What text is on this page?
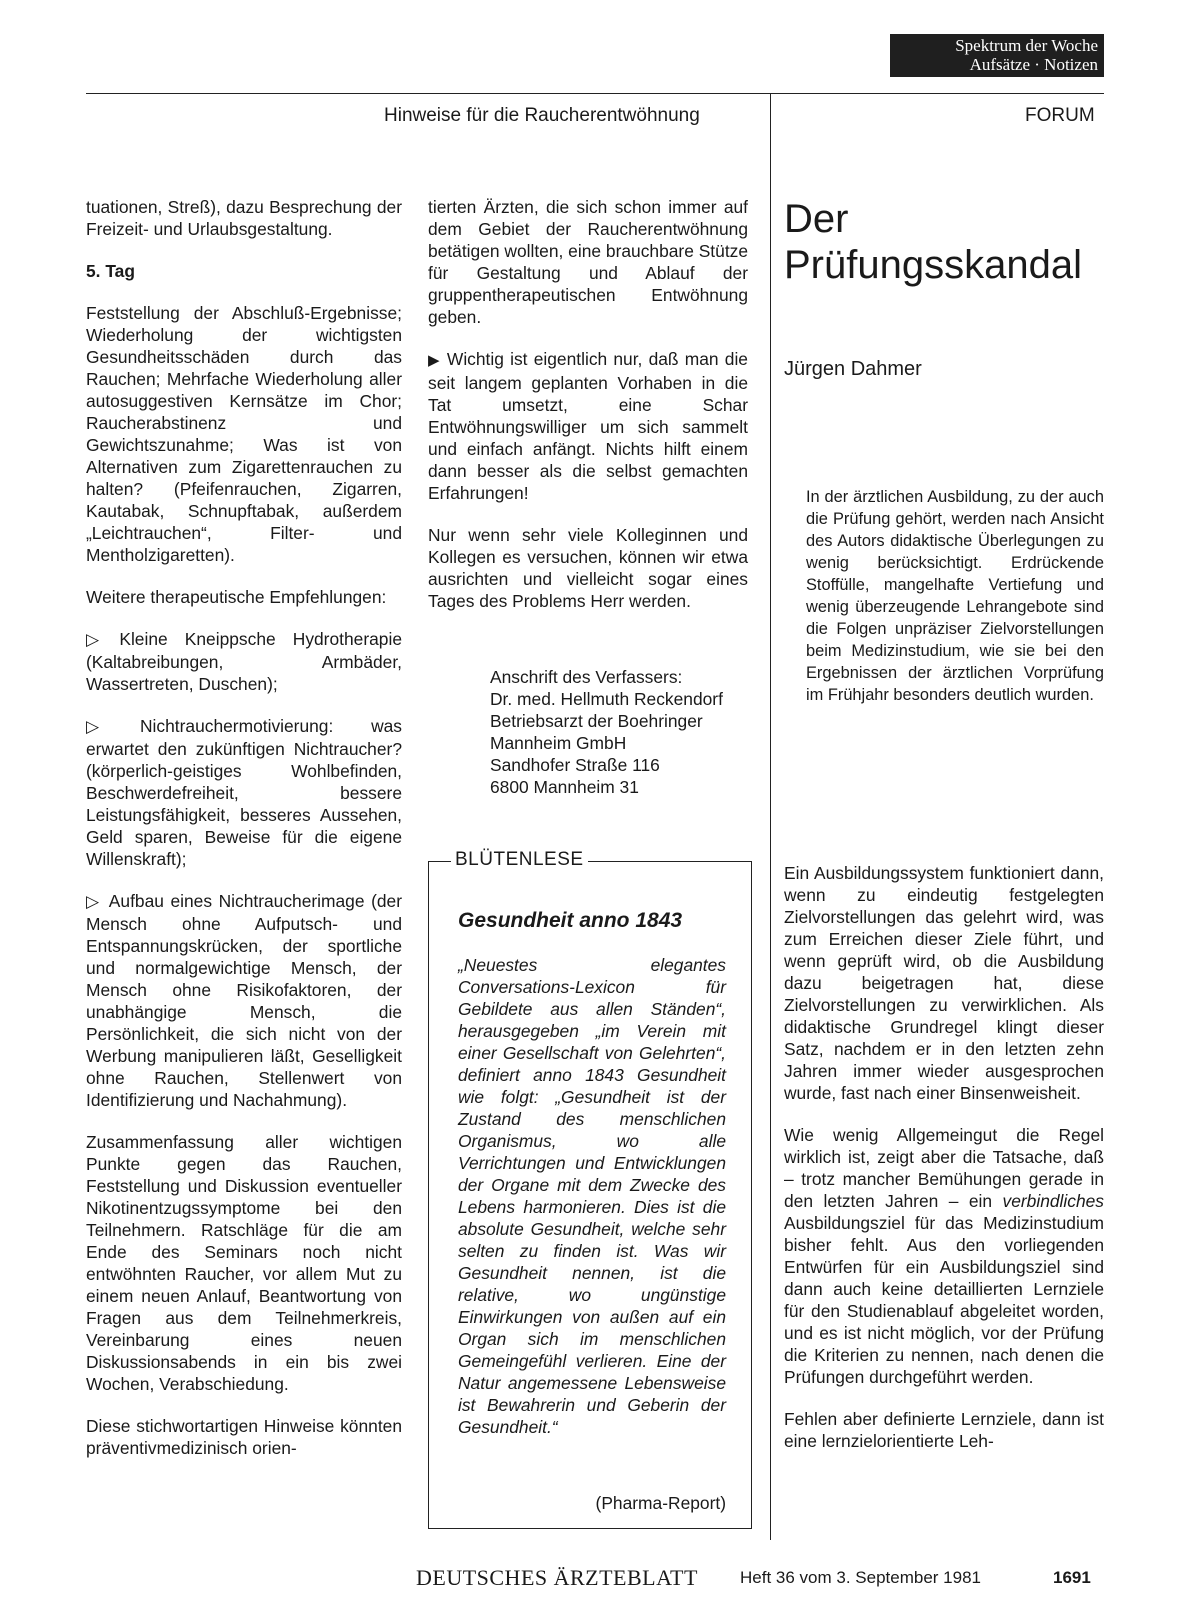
Spektrum der Woche
Aufsätze · Notizen
Hinweise für die Raucherentwöhnung	FORUM

tuationen, Streß), dazu Besprechung der Freizeit- und Urlaubsgestaltung.

5. Tag

Feststellung der Abschluß-Ergebnisse; Wiederholung der wichtigsten Gesundheitsschäden durch das Rauchen; Mehrfache Wiederholung aller autosuggestiven Kernsätze im Chor; Raucherabstinenz und Gewichtszunahme; Was ist von Alternativen zum Zigarettenrauchen zu halten? (Pfeifenrauchen, Zigarren, Kautabak, Schnupftabak, außerdem „Leichtrauchen“, Filter- und Mentholzigaretten).

Weitere therapeutische Empfehlungen:

▷ Kleine Kneippsche Hydrotherapie (Kaltabreibungen, Armbäder, Wassertreten, Duschen);

▷ Nichtrauchermotivierung: was erwartet den zukünftigen Nichtraucher? (körperlich-geistiges Wohlbefinden, Beschwerdefreiheit, bessere Leistungsfähigkeit, besseres Aussehen, Geld sparen, Beweise für die eigene Willenskraft);

▷ Aufbau eines Nichtraucherimage (der Mensch ohne Aufputsch- und Entspannungskrücken, der sportliche und normalgewichtige Mensch, der Mensch ohne Risikofaktoren, der unabhängige Mensch, die Persönlichkeit, die sich nicht von der Werbung manipulieren läßt, Geselligkeit ohne Rauchen, Stellenwert von Identifizierung und Nachahmung).

Zusammenfassung aller wichtigen Punkte gegen das Rauchen, Feststellung und Diskussion eventueller Nikotinentzugssymptome bei den Teilnehmern. Ratschläge für die am Ende des Seminars noch nicht entwöhnten Raucher, vor allem Mut zu einem neuen Anlauf, Beantwortung von Fragen aus dem Teilnehmerkreis, Vereinbarung eines neuen Diskussionsabends in ein bis zwei Wochen, Verabschiedung.

Diese stichwortartigen Hinweise könnten präventivmedizinisch orien-

tierten Ärzten, die sich schon immer auf dem Gebiet der Raucherentwöhnung betätigen wollten, eine brauchbare Stütze für Gestaltung und Ablauf der gruppentherapeutischen Entwöhnung geben.

▶ Wichtig ist eigentlich nur, daß man die seit langem geplanten Vorhaben in die Tat umsetzt, eine Schar Entwöhnungswilliger um sich sammelt und einfach anfängt. Nichts hilft einem dann besser als die selbst gemachten Erfahrungen!

Nur wenn sehr viele Kolleginnen und Kollegen es versuchen, können wir etwa ausrichten und vielleicht sogar eines Tages des Problems Herr werden.

Anschrift des Verfassers:
Dr. med. Hellmuth Reckendorf
Betriebsarzt der Boehringer
Mannheim GmbH
Sandhofer Straße 116
6800 Mannheim 31
BLÜTENLESE
Gesundheit anno 1843
„Neuestes elegantes Conversations-Lexicon für Gebildete aus allen Ständen“, herausgegeben „im Verein mit einer Gesellschaft von Gelehrten“, definiert anno 1843 Gesundheit wie folgt: „Gesundheit ist der Zustand des menschlichen Organismus, wo alle Verrichtungen und Entwicklungen der Organe mit dem Zwecke des Lebens harmonieren. Dies ist die absolute Gesundheit, welche sehr selten zu finden ist. Was wir Gesundheit nennen, ist die relative, wo ungünstige Einwirkungen von außen auf ein Organ sich im menschlichen Gemeingefühl verlieren. Eine der Natur angemessene Lebensweise ist Bewahrerin und Geberin der Gesundheit.“
(Pharma-Report)
Der
Prüfungsskandal
Jürgen Dahmer
In der ärztlichen Ausbildung, zu der auch die Prüfung gehört, werden nach Ansicht des Autors didaktische Überlegungen zu wenig berücksichtigt. Erdrückende Stoffülle, mangelhafte Vertiefung und wenig überzeugende Lehrangebote sind die Folgen unpräziser Zielvorstellungen beim Medizinstudium, wie sie bei den Ergebnissen der ärztlichen Vorprüfung im Frühjahr besonders deutlich wurden.

Ein Ausbildungssystem funktioniert dann, wenn zu eindeutig festgelegten Zielvorstellungen das gelehrt wird, was zum Erreichen dieser Ziele führt, und wenn geprüft wird, ob die Ausbildung dazu beigetragen hat, diese Zielvorstellungen zu verwirklichen. Als didaktische Grundregel klingt dieser Satz, nachdem er in den letzten zehn Jahren immer wieder ausgesprochen wurde, fast nach einer Binsenweisheit.

Wie wenig Allgemeingut die Regel wirklich ist, zeigt aber die Tatsache, daß – trotz mancher Bemühungen gerade in den letzten Jahren – ein verbindliches Ausbildungsziel für das Medizinstudium bisher fehlt. Aus den vorliegenden Entwürfen für ein Ausbildungsziel sind dann auch keine detaillierten Lernziele für den Studienablauf abgeleitet worden, und es ist nicht möglich, vor der Prüfung die Kriterien zu nennen, nach denen die Prüfungen durchgeführt werden.

Fehlen aber definierte Lernziele, dann ist eine lernzielorientierte Leh-

DEUTSCHES ÄRZTEBLATT Heft 36 vom 3. September 1981	1691
